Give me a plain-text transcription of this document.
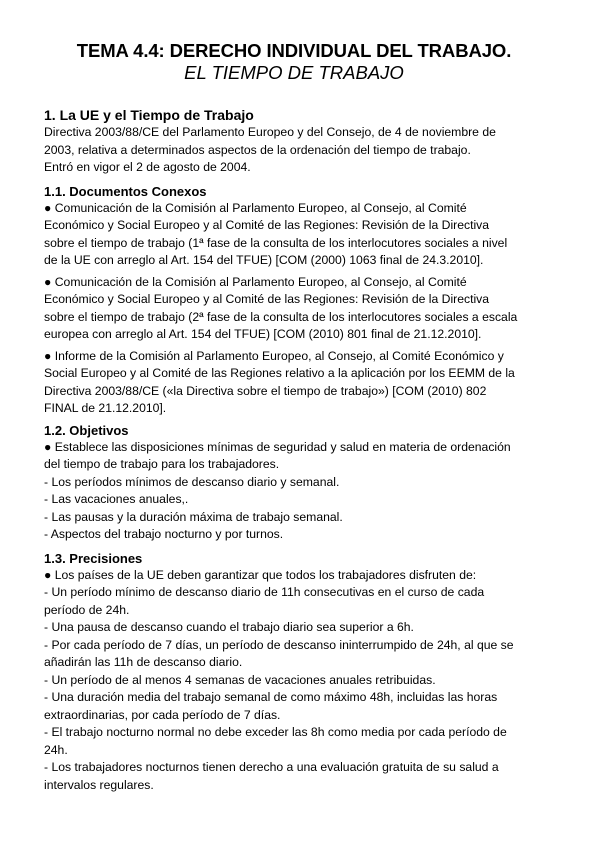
TEMA 4.4: DERECHO INDIVIDUAL DEL TRABAJO.
EL TIEMPO DE TRABAJO
1. La UE y el Tiempo de Trabajo

Directiva 2003/88/CE del Parlamento Europeo y del Consejo, de 4 de noviembre de

2003, relativa a determinados aspectos de la ordenación del tiempo de trabajo.

Entró en vigor el 2 de agosto de 2004.

1.1. Documentos Conexos

● Comunicación de la Comisión al Parlamento Europeo, al Consejo, al Comité

Económico y Social Europeo y al Comité de las Regiones: Revisión de la Directiva

sobre el tiempo de trabajo (1ª fase de la consulta de los interlocutores sociales a nivel

de la UE con arreglo al Art. 154 del TFUE) [COM (2000) 1063 final de 24.3.2010].

● Comunicación de la Comisión al Parlamento Europeo, al Consejo, al Comité

Económico y Social Europeo y al Comité de las Regiones: Revisión de la Directiva

sobre el tiempo de trabajo (2ª fase de la consulta de los interlocutores sociales a escala

europea con arreglo al Art. 154 del TFUE) [COM (2010) 801 final de 21.12.2010].

● Informe de la Comisión al Parlamento Europeo, al Consejo, al Comité Económico y

Social Europeo y al Comité de las Regiones relativo a la aplicación por los EEMM de la

Directiva 2003/88/CE («la Directiva sobre el tiempo de trabajo») [COM (2010) 802

FINAL de 21.12.2010].

1.2. Objetivos

● Establece las disposiciones mínimas de seguridad y salud en materia de ordenación

del tiempo de trabajo para los trabajadores.

- Los períodos mínimos de descanso diario y semanal.

- Las vacaciones anuales,.

- Las pausas y la duración máxima de trabajo semanal.

- Aspectos del trabajo nocturno y por turnos.

1.3. Precisiones

● Los países de la UE deben garantizar que todos los trabajadores disfruten de:

- Un período mínimo de descanso diario de 11h consecutivas en el curso de cada

período de 24h.

- Una pausa de descanso cuando el trabajo diario sea superior a 6h.

- Por cada período de 7 días, un período de descanso ininterrumpido de 24h, al que se

añadirán las 11h de descanso diario.

- Un período de al menos 4 semanas de vacaciones anuales retribuidas.

- Una duración media del trabajo semanal de como máximo 48h, incluidas las horas

extraordinarias, por cada período de 7 días.

- El trabajo nocturno normal no debe exceder las 8h como media por cada período de

24h.

- Los trabajadores nocturnos tienen derecho a una evaluación gratuita de su salud a

intervalos regulares.
